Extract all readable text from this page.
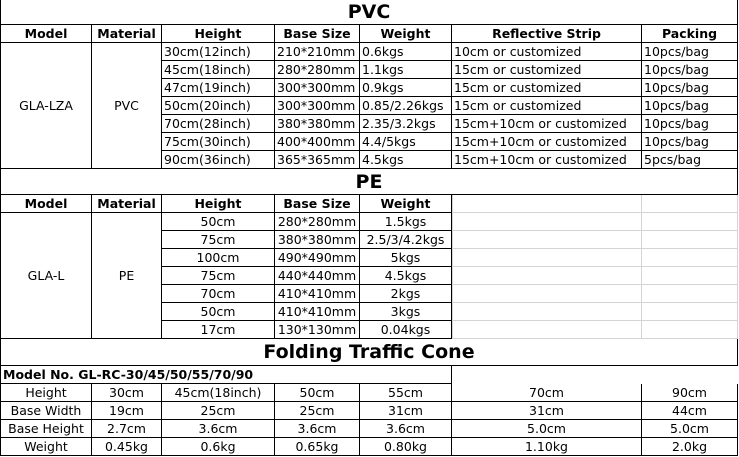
PVC
Model	Material	Height	Base Size	Weight	Reflective Strip	Packing
GLA-LZA	PVC
30cm(12inch)	210*210mm 0.6kgs	10cm or customized	10pcs/bag
45cm(18inch)	280*280mm 1.1kgs	15cm or customized	10pcs/bag
47cm(19inch)	300*300mm 0.9kgs	15cm or customized	10pcs/bag
50cm(20inch)	300*300mm 0.85/2.26kgs 15cm or customized	10pcs/bag
70cm(28inch)	380*380mm 2.35/3.2kgs	15cm+10cm or customized	10pcs/bag
75cm(30inch)	400*400mm 4.4/5kgs	15cm+10cm or customized	10pcs/bag
90cm(36inch)	365*365mm 4.5kgs	15cm+10cm or customized	5pcs/bag
PE
Model	Material	Height	Base Size	Weight
GLA-L	PE
50cm	280*280mm	1.5kgs
75cm	380*380mm 2.5/3/4.2kgs
100cm	490*490mm	5kgs
75cm	440*440mm	4.5kgs
70cm	410*410mm	2kgs
50cm	410*410mm	3kgs
17cm	130*130mm	0.04kgs
Folding Traffic Cone
Model No. GL-RC-30/45/50/55/70/90
Height	30cm	45cm(18inch)	50cm	55cm	70cm	90cm
Base Width	19cm	25cm	25cm	31cm	31cm	44cm
Base Height	2.7cm	3.6cm	3.6cm	3.6cm	5.0cm	5.0cm
Weight	0.45kg	0.6kg	0.65kg	0.80kg	1.10kg	2.0kg
